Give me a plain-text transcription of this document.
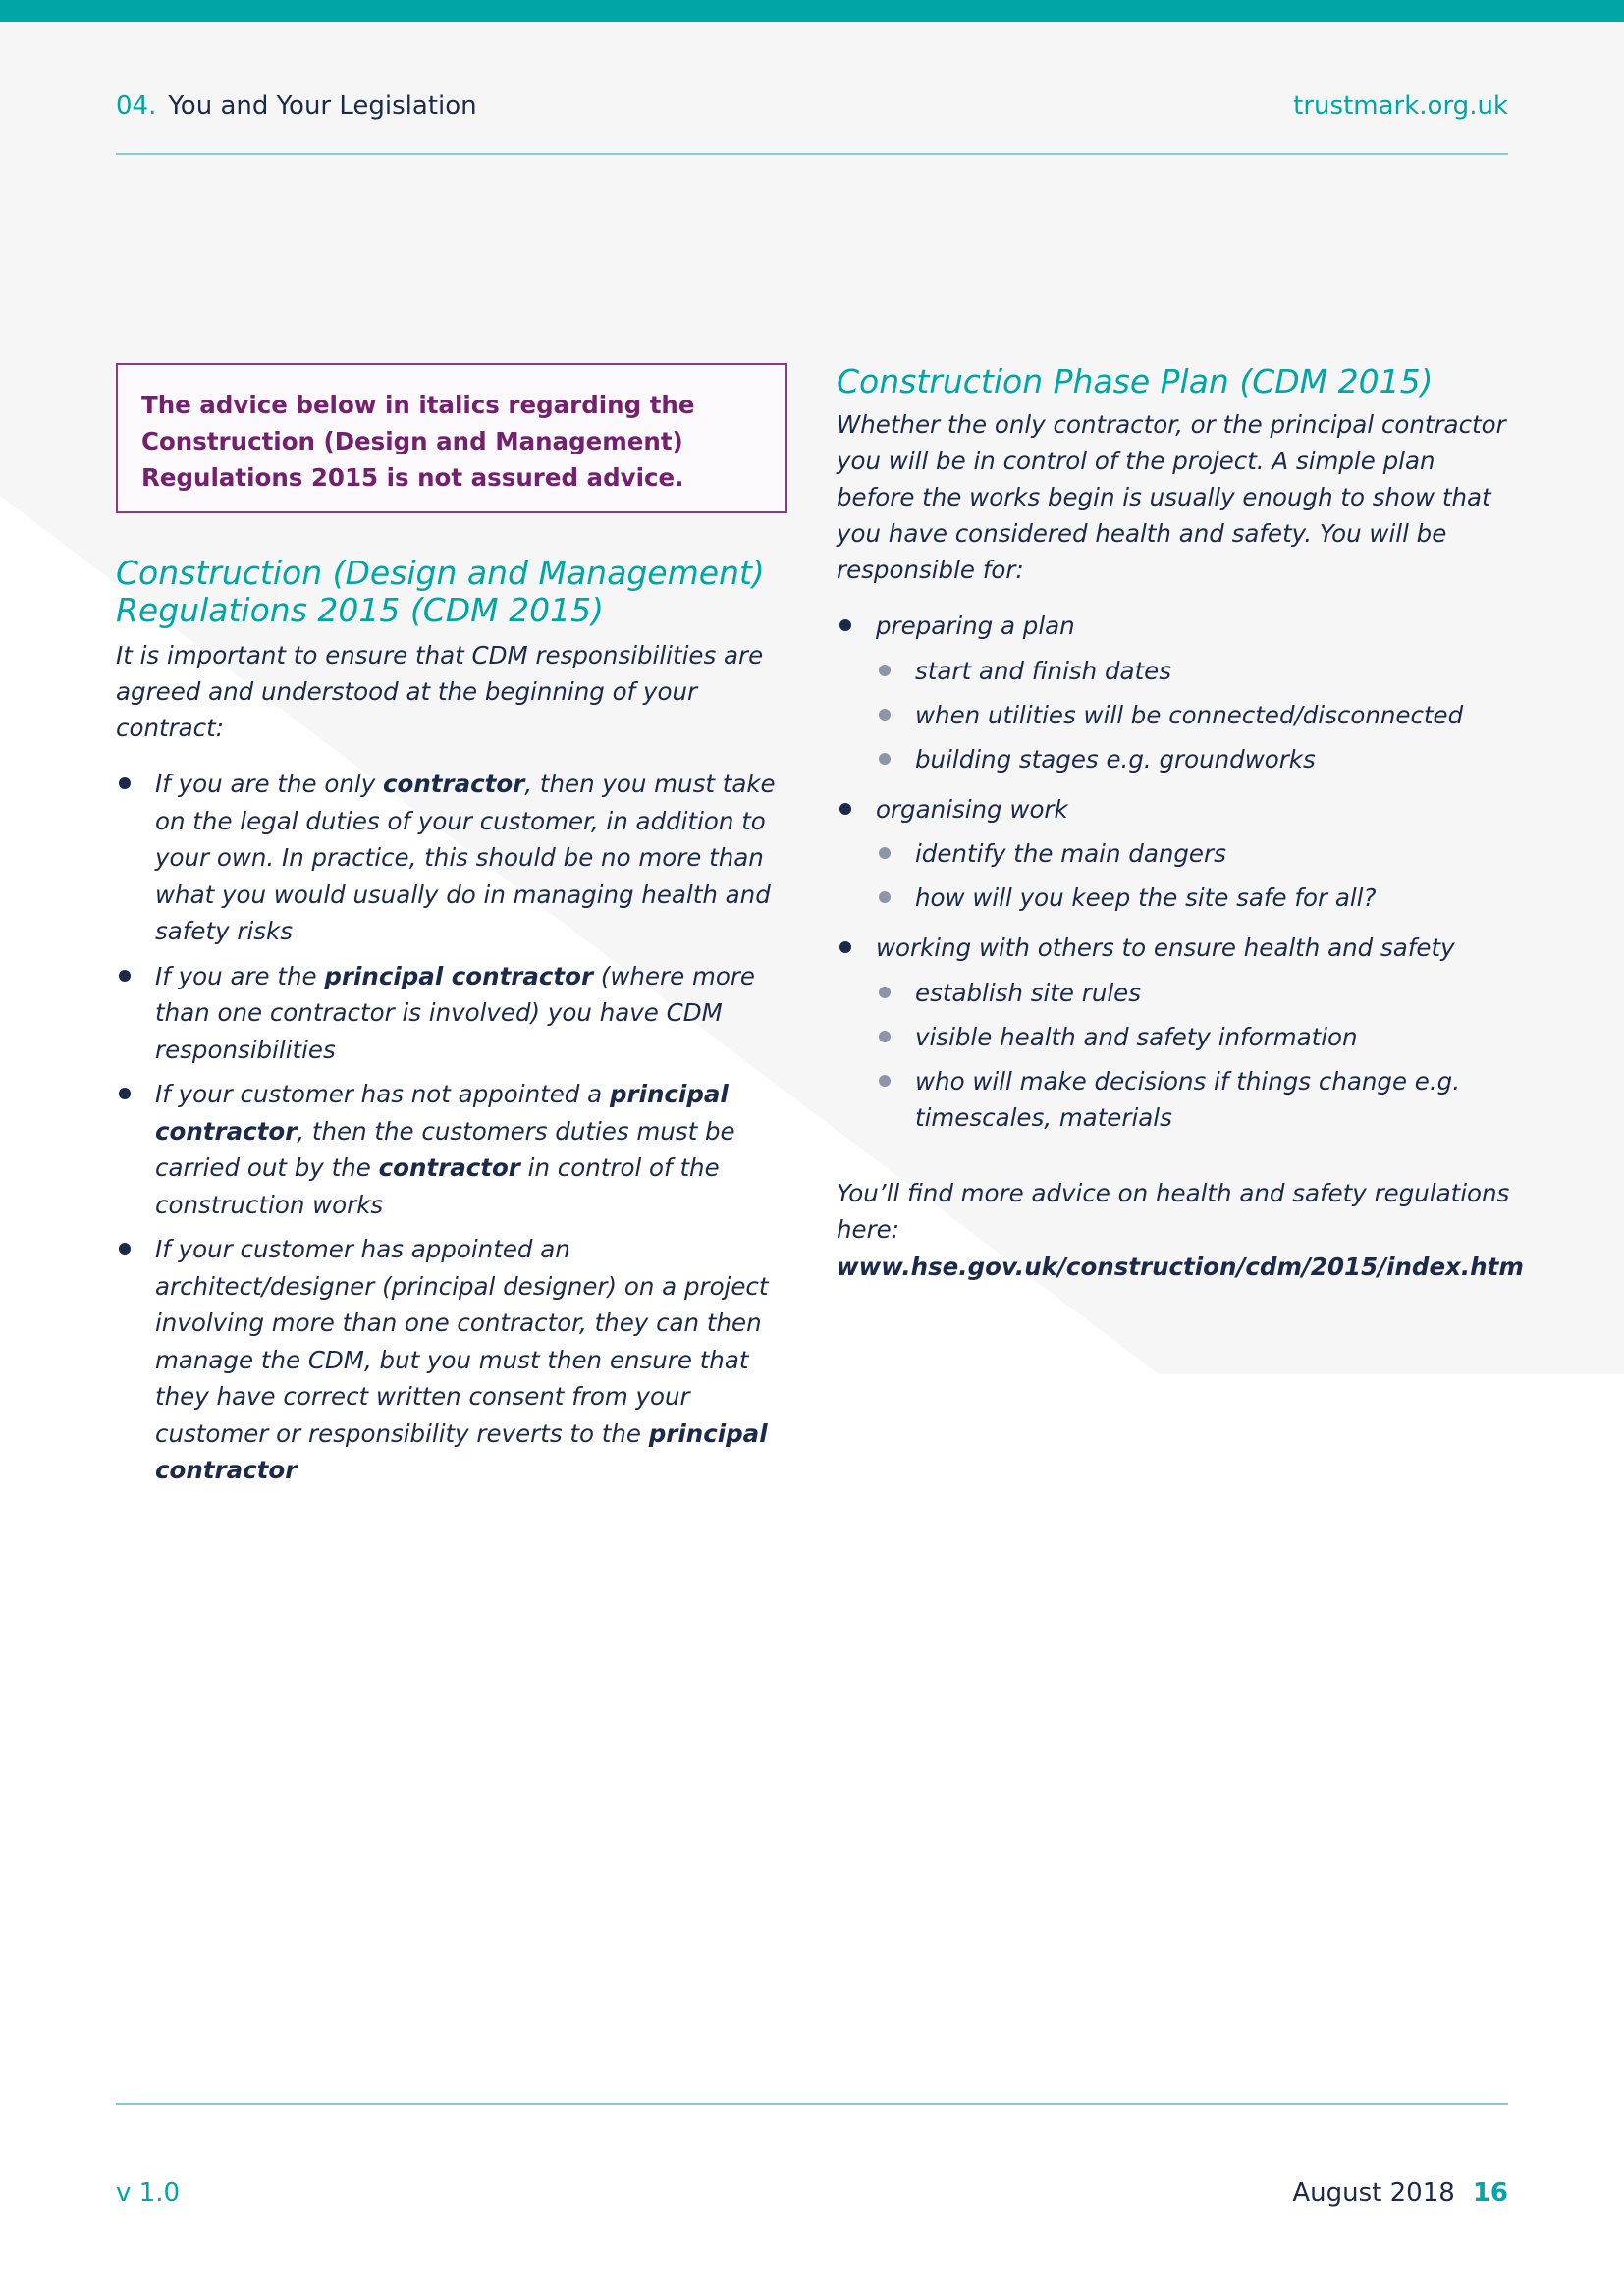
04. You and Your Legislation	trustmark.org.uk
The advice below in italics regarding the Construction (Design and Management) Regulations 2015 is not assured advice.
Construction (Design and Management)
Regulations 2015 (CDM 2015)

It is important to ensure that CDM responsibilities are agreed and understood at the beginning of your contract:

If you are the only contractor, then you must take on the legal duties of your customer, in addition to your own. In practice, this should be no more than what you would usually do in managing health and safety risks
If you are the principal contractor (where more than one contractor is involved) you have CDM responsibilities
If your customer has not appointed a principal contractor, then the customers duties must be carried out by the contractor in control of the construction works
If your customer has appointed an architect/designer (principal designer) on a project involving more than one contractor, they can then manage the CDM, but you must then ensure that they have correct written consent from your customer or responsibility reverts to the principal contractor
Construction Phase Plan (CDM 2015)

Whether the only contractor, or the principal contractor you will be in control of the project. A simple plan before the works begin is usually enough to show that you have considered health and safety. You will be responsible for:

preparing a plan
start and finish dates
when utilities will be connected/disconnected
building stages e.g. groundworks
organising work
identify the main dangers
how will you keep the site safe for all?
working with others to ensure health and safety
establish site rules
visible health and safety information
who will make decisions if things change e.g. timescales, materials
You’ll find more advice on health and safety regulations here:
www.hse.gov.uk/construction/cdm/2015/index.htm
v 1.0	August 2018 16
